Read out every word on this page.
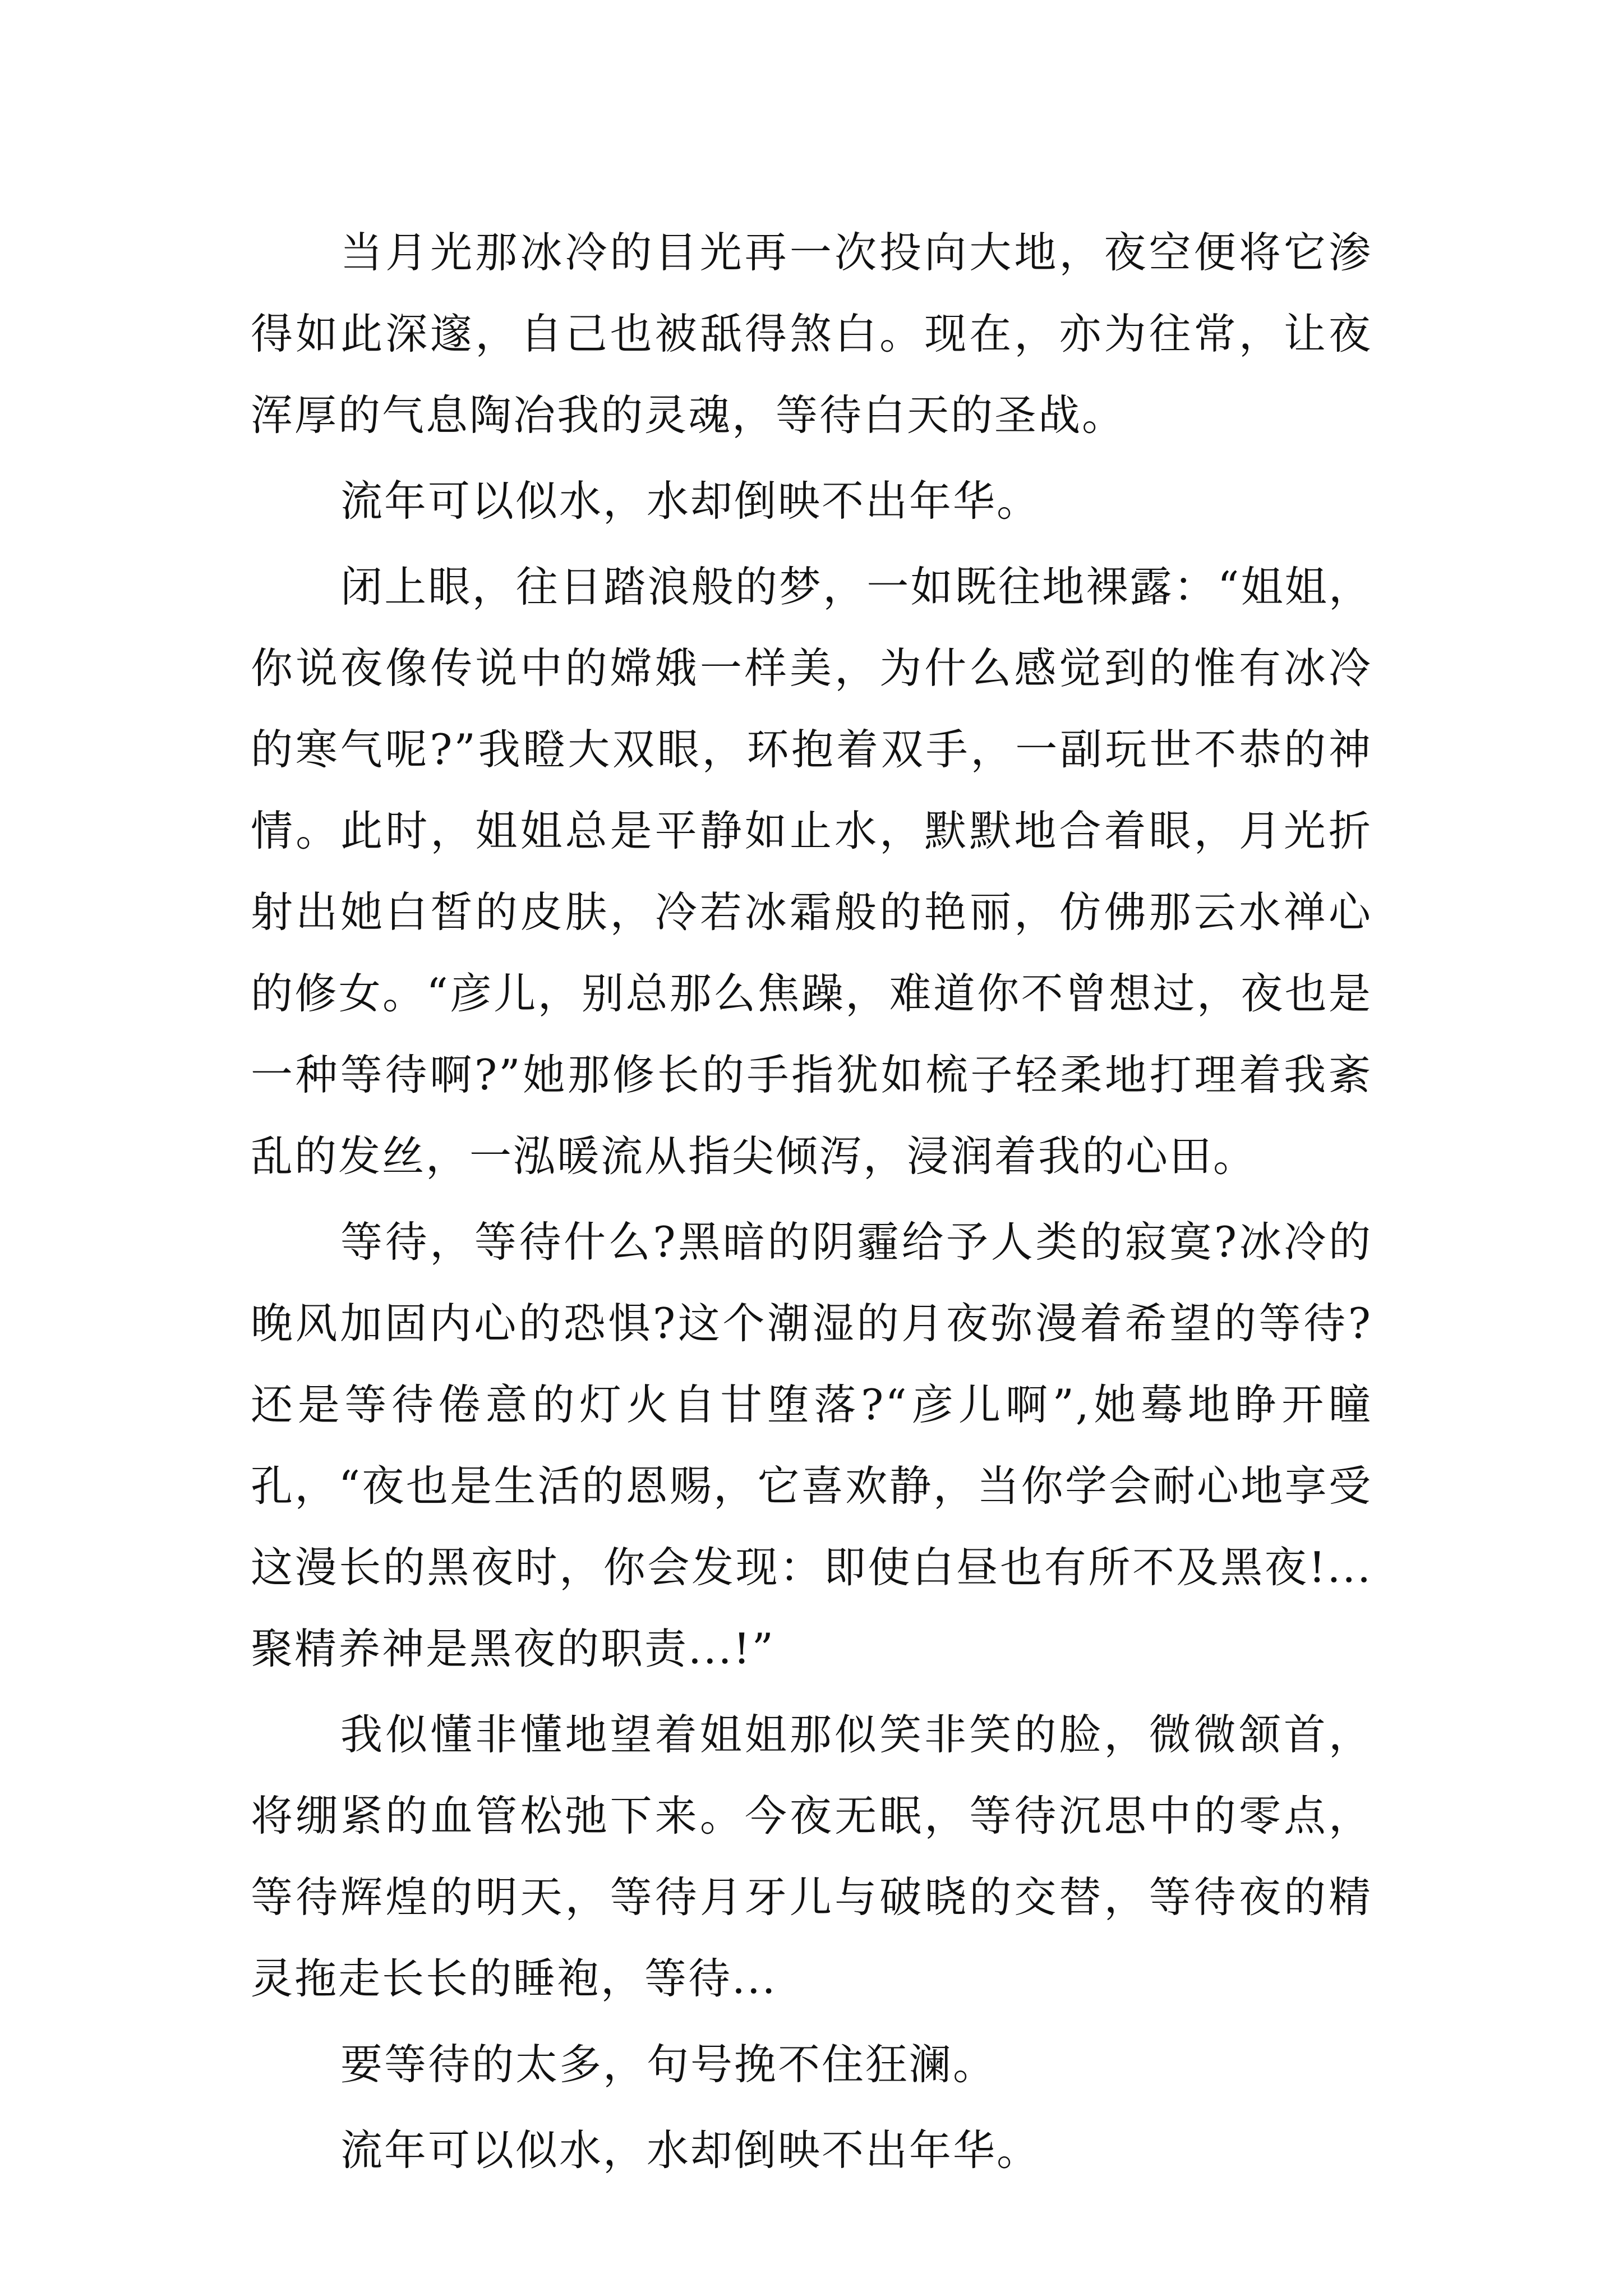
当月光那冰冷的目光再一次投向大地，夜空便将它渗得如此深邃，自己也被舐得煞白。现在，亦为往常，让夜浑厚的气息陶冶我的灵魂，等待白天的圣战。

流年可以似水，水却倒映不出年华。

闭上眼，往日踏浪般的梦，一如既往地裸露：“姐姐，你说夜像传说中的嫦娥一样美，为什么感觉到的惟有冰冷的寒气呢?”我瞪大双眼，环抱着双手，一副玩世不恭的神情。此时，姐姐总是平静如止水，默默地合着眼，月光折射出她白皙的皮肤，冷若冰霜般的艳丽，仿佛那云水禅心的修女。“彦儿，别总那么焦躁，难道你不曾想过，夜也是一种等待啊?”她那修长的手指犹如梳子轻柔地打理着我紊乱的发丝，一泓暖流从指尖倾泻，浸润着我的心田。

等待，等待什么?黑暗的阴霾给予人类的寂寞?冰冷的晚风加固内心的恐惧?这个潮湿的月夜弥漫着希望的等待?还是等待倦意的灯火自甘堕落?“彦儿啊”,她蓦地睁开瞳孔，“夜也是生活的恩赐，它喜欢静，当你学会耐心地享受这漫长的黑夜时，你会发现：即使白昼也有所不及黑夜!...聚精养神是黑夜的职责...!”

我似懂非懂地望着姐姐那似笑非笑的脸，微微颔首，将绷紧的血管松弛下来。今夜无眠，等待沉思中的零点，等待辉煌的明天，等待月牙儿与破晓的交替，等待夜的精灵拖走长长的睡袍，等待...

要等待的太多，句号挽不住狂澜。

流年可以似水，水却倒映不出年华。
